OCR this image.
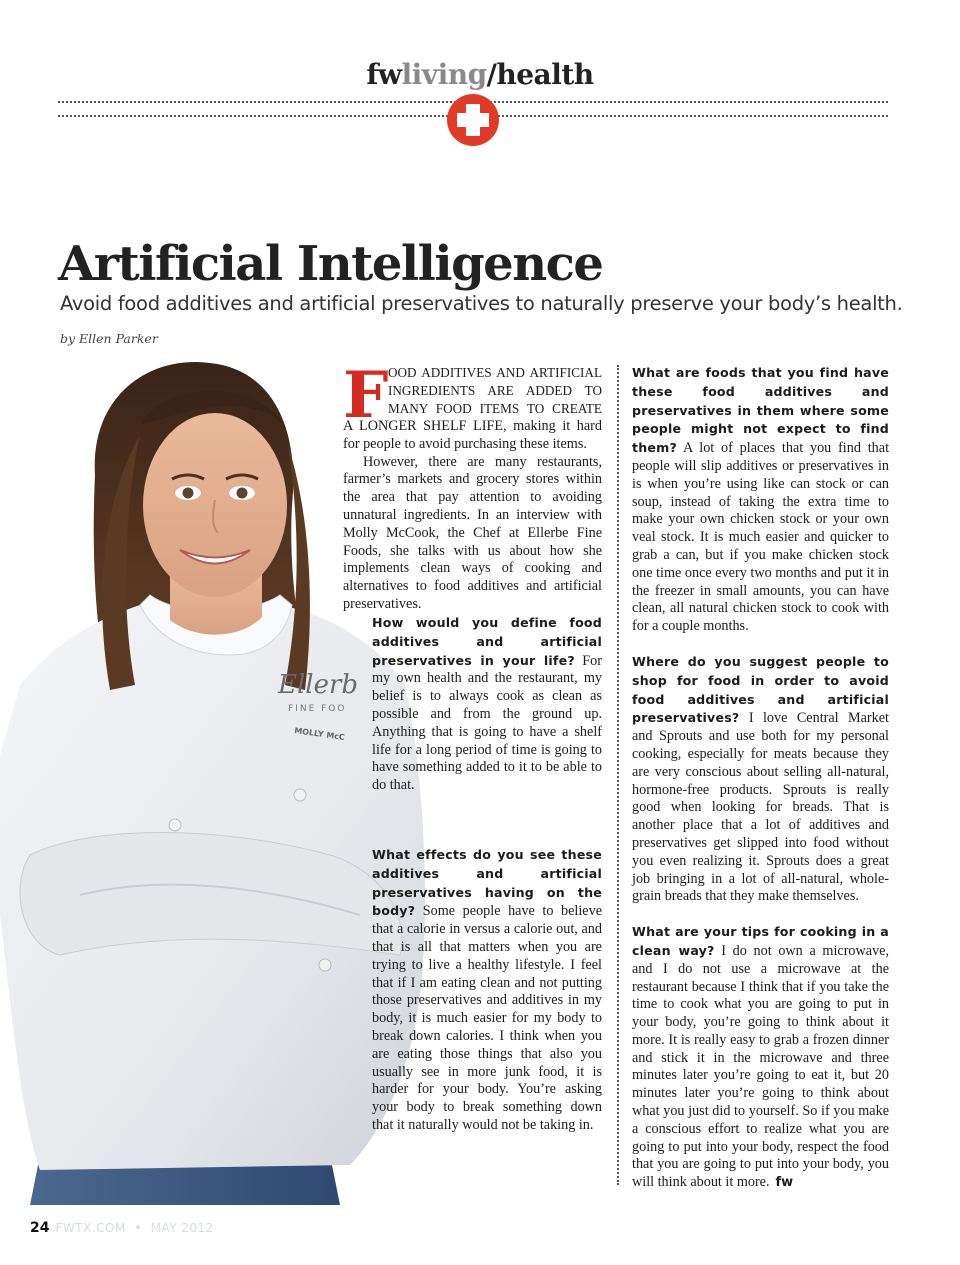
fwliving/health
Artificial Intelligence
Avoid food additives and artificial preservatives to naturally preserve your body’s health.
by Ellen Parker
Ellerb
FINE FOO
MOLLY McC
F OOD ADDITIVES AND ARTIFICIAL
INGREDIENTS ARE ADDED TO
MANY FOOD ITEMS TO CREATE

A LONGER SHELF LIFE, making it hard for people to avoid purchasing these items.

However, there are many restaurants, farmer’s markets and grocery stores within the area that pay attention to avoiding unnatural ingredients. In an interview with Molly McCook, the Chef at Ellerbe Fine Foods, she talks with us about how she implements clean ways of cooking and alternatives to food additives and artificial preservatives.

How would you define food additives and artificial preservatives in your life? For my own health and the restaurant, my belief is to always cook as clean as possible and from the ground up. Anything that is going to have a shelf life for a long period of time is going to have something added to it to be able to do that.

What effects do you see these additives and artificial preservatives having on the body? Some people have to believe that a calorie in versus a calorie out, and that is all that matters when you are trying to live a healthy lifestyle. I feel that if I am eating clean and not putting those preservatives and additives in my body, it is much easier for my body to break down calories. I think when you are eating those things that also you usually see in more junk food, it is harder for your body. You’re asking your body to break something down that it naturally would not be taking in.

What are foods that you find have these food additives and preservatives in them where some people might not expect to find them? A lot of places that you find that people will slip additives or preservatives in is when you’re using like can stock or can soup, instead of taking the extra time to make your own chicken stock or your own veal stock. It is much easier and quicker to grab a can, but if you make chicken stock one time once every two months and put it in the freezer in small amounts, you can have clean, all natural chicken stock to cook with for a couple months.

Where do you suggest people to shop for food in order to avoid food additives and artificial preservatives? I love Central Market and Sprouts and use both for my personal cooking, especially for meats because they are very conscious about selling all-natural, hormone-free products. Sprouts is really good when looking for breads. That is another place that a lot of additives and preservatives get slipped into food without you even realizing it. Sprouts does a great job bringing in a lot of all-natural, whole-grain breads that they make themselves.

What are your tips for cooking in a clean way? I do not own a microwave, and I do not use a microwave at the restaurant because I think that if you take the time to cook what you are going to put in your body, you’re going to think about it more. It is really easy to grab a frozen dinner and stick it in the microwave and three minutes later you’re going to eat it, but 20 minutes later you’re going to think about what you just did to yourself. So if you make a conscious effort to realize what you are going to put into your body, respect the food that you are going to put into your body, you will think about it more. fw

24 FWTX.COM  •  MAY 2012
